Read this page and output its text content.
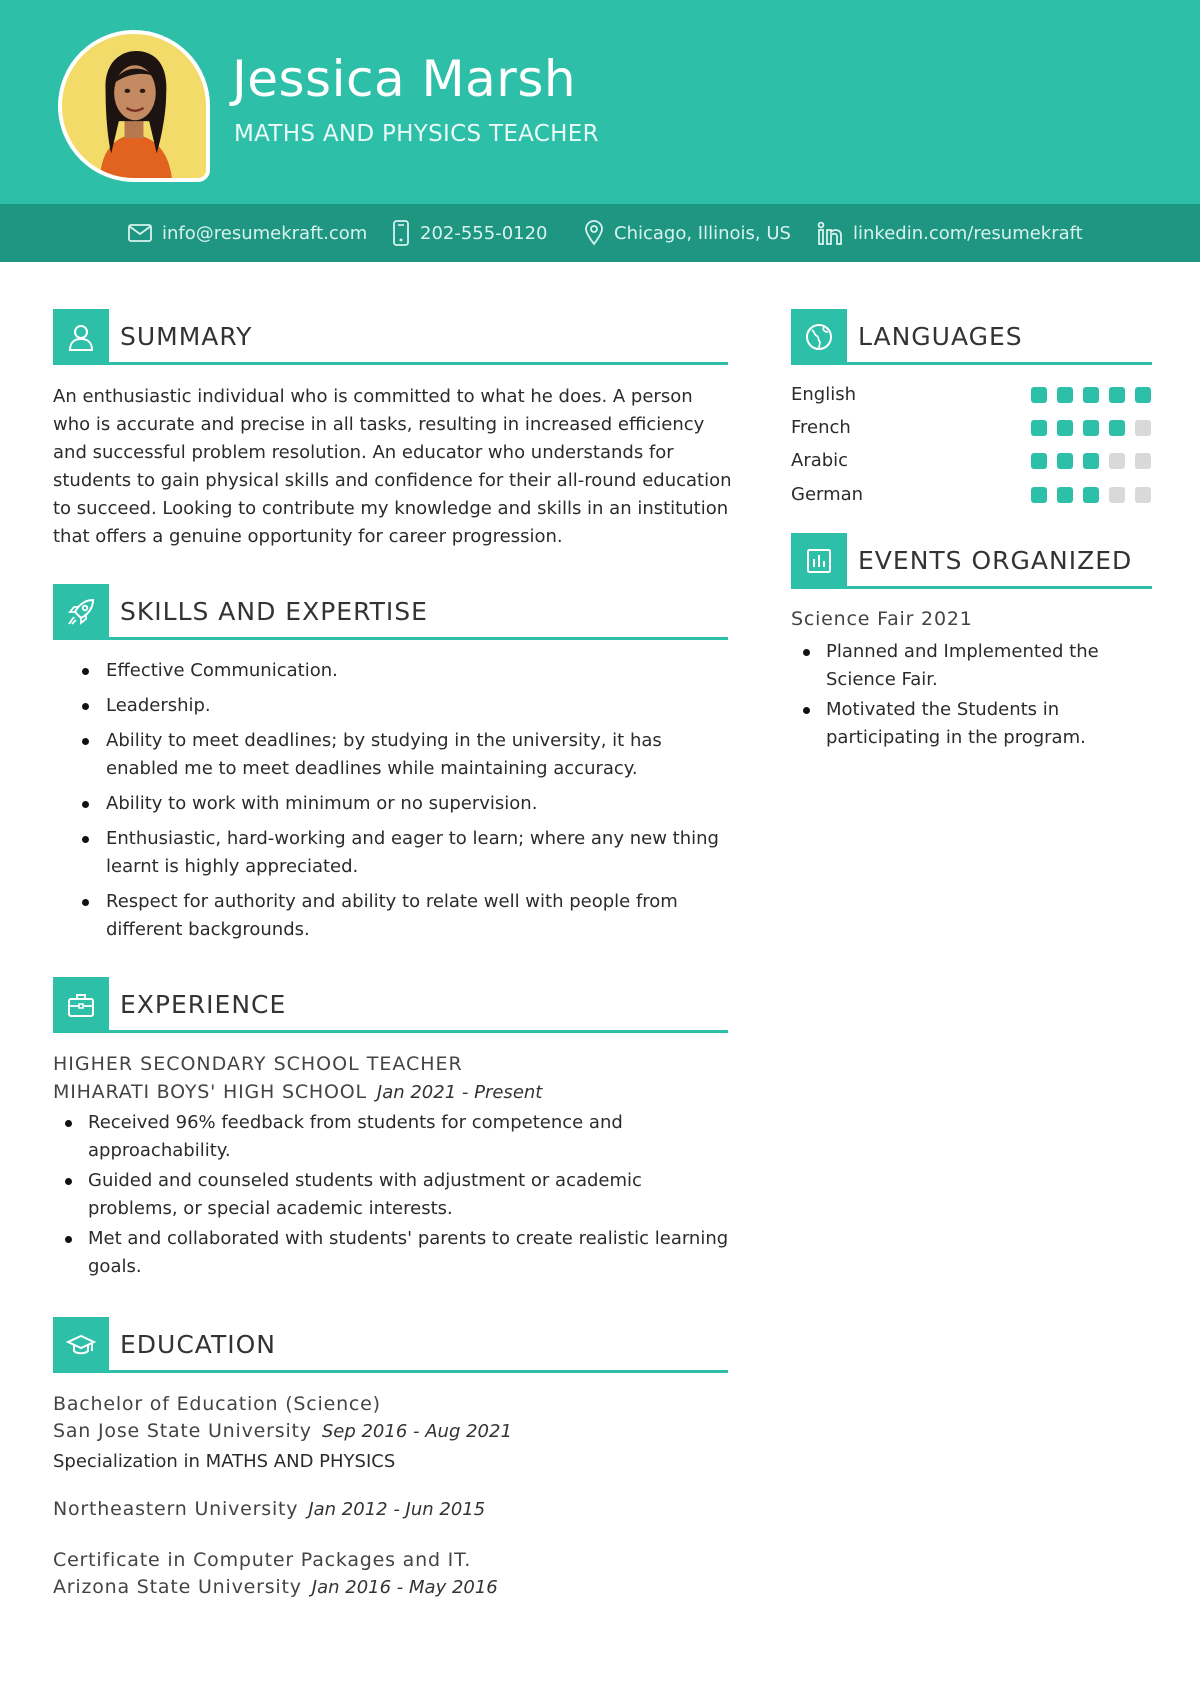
Jessica Marsh
MATHS AND PHYSICS TEACHER
info@resumekraft.com	202-555-0120	Chicago, Illinois, US	linkedin.com/resumekraft
SUMMARY
An enthusiastic individual who is committed to what he does. A person who is accurate and precise in all tasks, resulting in increased efficiency and successful problem resolution. An educator who understands for students to gain physical skills and confidence for their all-round education to succeed. Looking to contribute my knowledge and skills in an institution that offers a genuine opportunity for career progression.
SKILLS AND EXPERTISE
Effective Communication.
Leadership.
Ability to meet deadlines; by studying in the university, it has enabled me to meet deadlines while maintaining accuracy.
Ability to work with minimum or no supervision.
Enthusiastic, hard-working and eager to learn; where any new thing learnt is highly appreciated.
Respect for authority and ability to relate well with people from different backgrounds.
EXPERIENCE
HIGHER SECONDARY SCHOOL TEACHER
MIHARATI BOYS' HIGH SCHOOL Jan 2021 - Present
Received 96% feedback from students for competence and approachability.
Guided and counseled students with adjustment or academic problems, or special academic interests.
Met and collaborated with students' parents to create realistic learning goals.
EDUCATION
Bachelor of Education (Science)
San Jose State University Sep 2016 - Aug 2021
Specialization in MATHS AND PHYSICS
Northeastern University Jan 2012 - Jun 2015
Certificate in Computer Packages and IT.
Arizona State University Jan 2016 - May 2016
LANGUAGES
English
French
Arabic
German
EVENTS ORGANIZED
Science Fair 2021
Planned and Implemented the Science Fair.
Motivated the Students in participating in the program.
